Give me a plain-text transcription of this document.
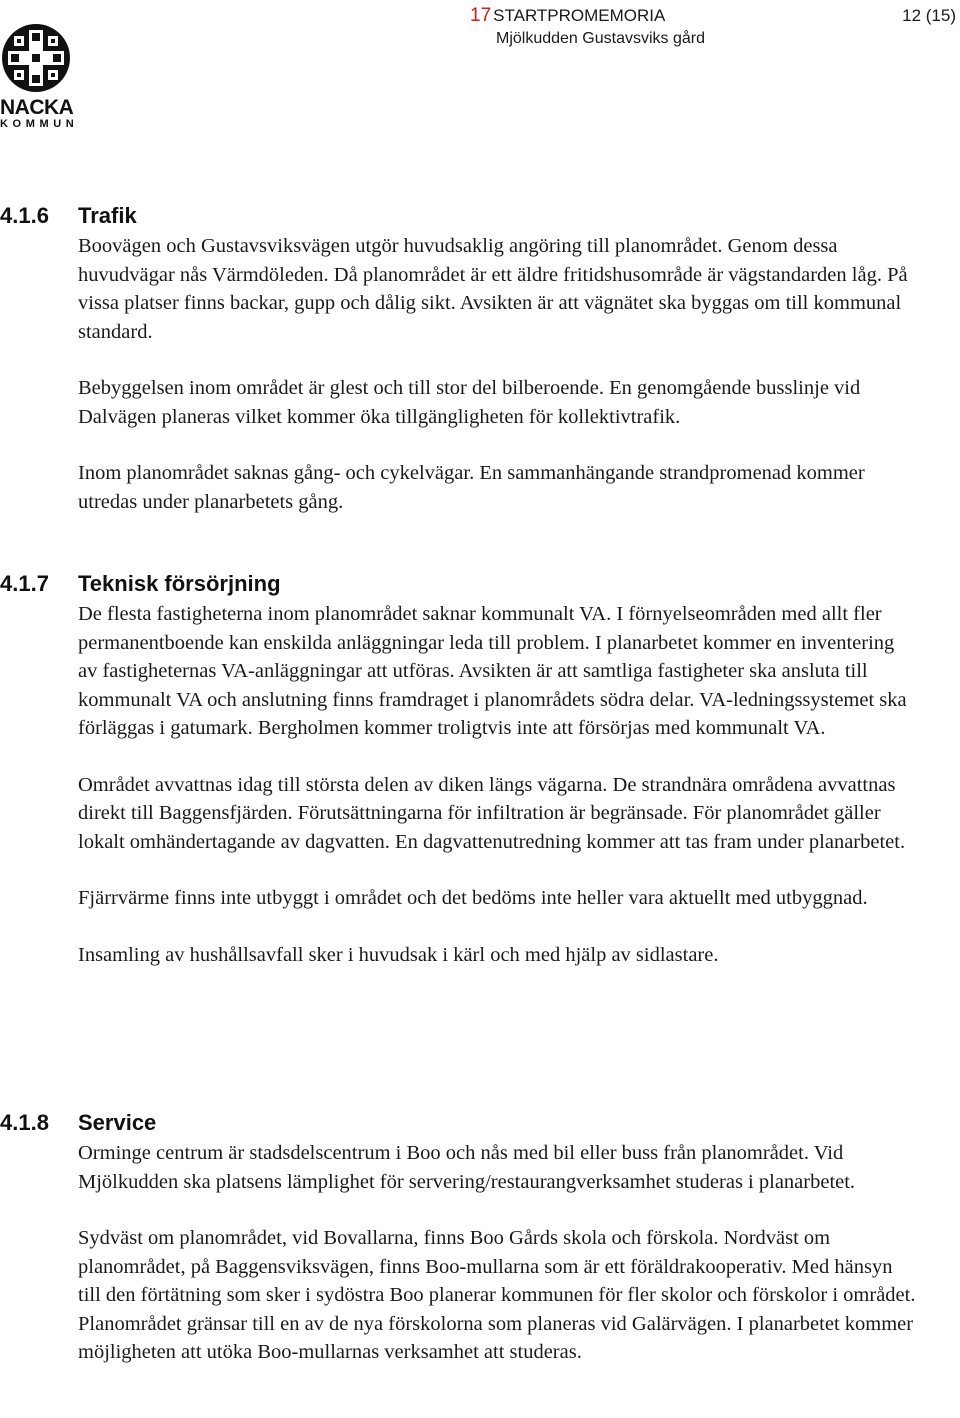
NACKA
KOMMUN
17 STARTPROMEMORIA	12 (15)
Mjölkudden Gustavsviks gård
4.1.6 Trafik

Boovägen och Gustavsviksvägen utgör huvudsaklig angöring till planområdet. Genom dessa huvudvägar nås Värmdöleden. Då planområdet är ett äldre fritidshusområde är vägstandarden låg. På vissa platser finns backar, gupp och dålig sikt. Avsikten är att vägnätet ska byggas om till kommunal standard.

Bebyggelsen inom området är glest och till stor del bilberoende. En genomgående busslinje vid Dalvägen planeras vilket kommer öka tillgängligheten för kollektivtrafik.

Inom planområdet saknas gång- och cykelvägar. En sammanhängande strandpromenad kommer utredas under planarbetets gång.

4.1.7 Teknisk försörjning

De flesta fastigheterna inom planområdet saknar kommunalt VA. I förnyelseområden med allt fler permanentboende kan enskilda anläggningar leda till problem. I planarbetet kommer en inventering av fastigheternas VA-anläggningar att utföras. Avsikten är att samtliga fastigheter ska ansluta till kommunalt VA och anslutning finns framdraget i planområdets södra delar. VA-ledningssystemet ska förläggas i gatumark. Bergholmen kommer troligtvis inte att försörjas med kommunalt VA.

Området avvattnas idag till största delen av diken längs vägarna. De strandnära områdena avvattnas direkt till Baggensfjärden. Förutsättningarna för infiltration är begränsade. För planområdet gäller lokalt omhändertagande av dagvatten. En dagvattenutredning kommer att tas fram under planarbetet.

Fjärrvärme finns inte utbyggt i området och det bedöms inte heller vara aktuellt med utbyggnad.

Insamling av hushållsavfall sker i huvudsak i kärl och med hjälp av sidlastare.

4.1.8 Service

Orminge centrum är stadsdelscentrum i Boo och nås med bil eller buss från planområdet. Vid Mjölkudden ska platsens lämplighet för servering/restaurangverksamhet studeras i planarbetet.

Sydväst om planområdet, vid Bovallarna, finns Boo Gårds skola och förskola. Nordväst om planområdet, på Baggensviksvägen, finns Boo-mullarna som är ett föräldrakooperativ. Med hänsyn till den förtätning som sker i sydöstra Boo planerar kommunen för fler skolor och förskolor i området. Planområdet gränsar till en av de nya förskolorna som planeras vid Galärvägen. I planarbetet kommer möjligheten att utöka Boo-mullarnas verksamhet att studeras.
